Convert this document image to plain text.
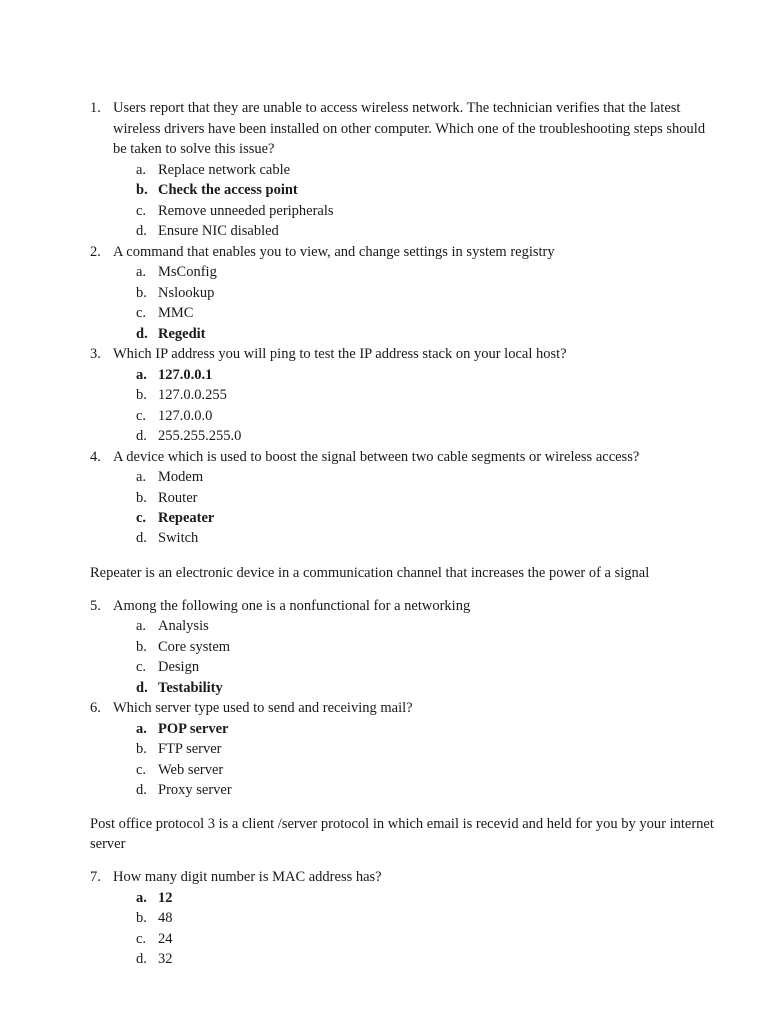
1. Users report that they are unable to access wireless network. The technician verifies that the latest
wireless drivers have been installed on other computer. Which one of the troubleshooting steps should
be taken to solve this issue?
a. Replace network cable
b. Check the access point
c. Remove unneeded peripherals
d. Ensure NIC disabled
2. A command that enables you to view, and change settings in system registry
a. MsConfig
b. Nslookup
c. MMC
d. Regedit
3. Which IP address you will ping to test the IP address stack on your local host?
a. 127.0.0.1
b. 127.0.0.255
c. 127.0.0.0
d. 255.255.255.0
4. A device which is used to boost the signal between two cable segments or wireless access?
a. Modem
b. Router
c. Repeater
d. Switch
Repeater is an electronic device in a communication channel that increases the power of a signal
5. Among the following one is a nonfunctional for a networking
a. Analysis
b. Core system
c. Design
d. Testability
6. Which server type used to send and receiving mail?
a. POP server
b. FTP server
c. Web server
d. Proxy server
Post office protocol 3 is a client /server protocol in which email is recevid and held for you by your internet
server
7. How many digit number is MAC address has?
a. 12
b. 48
c. 24
d. 32
